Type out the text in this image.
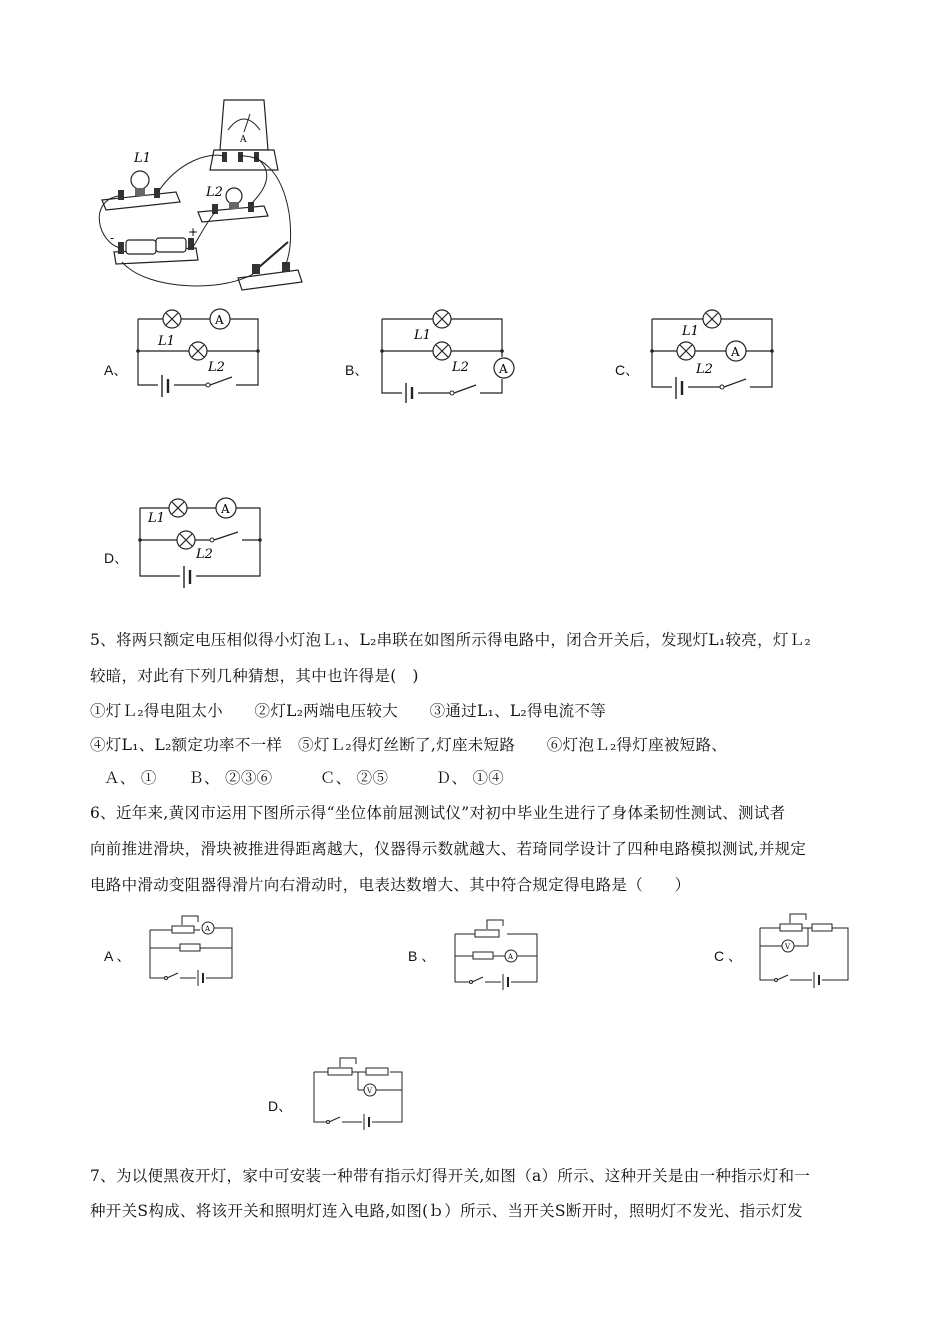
A
L1
L2
-	+
A、
A
L1
L2	B、	A
L1
L2	C、
A
L1
L2
D、
A
L1
L2
5、将两只额定电压相似得小灯泡Ｌ₁、L₂串联在如图所示得电路中，闭合开关后，发现灯L₁较亮，灯Ｌ₂
较暗，对此有下列几种猜想，其中也许得是(　)
①灯Ｌ₂得电阻太小　　②灯L₂两端电压较大　　③通过L₁、L₂得电流不等
④灯L₁、L₂额定功率不一样　⑤灯Ｌ₂得灯丝断了,灯座未短路　　⑥灯泡Ｌ₂得灯座被短路、
Ａ、 ①　　Ｂ、 ②③⑥　　　Ｃ、 ②⑤　　　Ｄ、 ①④
6、近年来,黄冈市运用下图所示得“坐位体前屈测试仪”对初中毕业生进行了身体柔韧性测试、测试者
向前推进滑块，滑块被推进得距离越大，仪器得示数就越大、若琦同学设计了四种电路模拟测试,并规定
电路中滑动变阻器得滑片向右滑动时，电表达数增大、其中符合规定得电路是（　　）
A 、
A
B 、	A	C 、
V
D、
V
7、为以便黑夜开灯，家中可安装一种带有指示灯得开关,如图（a）所示、这种开关是由一种指示灯和一
种开关S构成、将该开关和照明灯连入电路,如图(ｂ）所示、当开关S断开时，照明灯不发光、指示灯发
